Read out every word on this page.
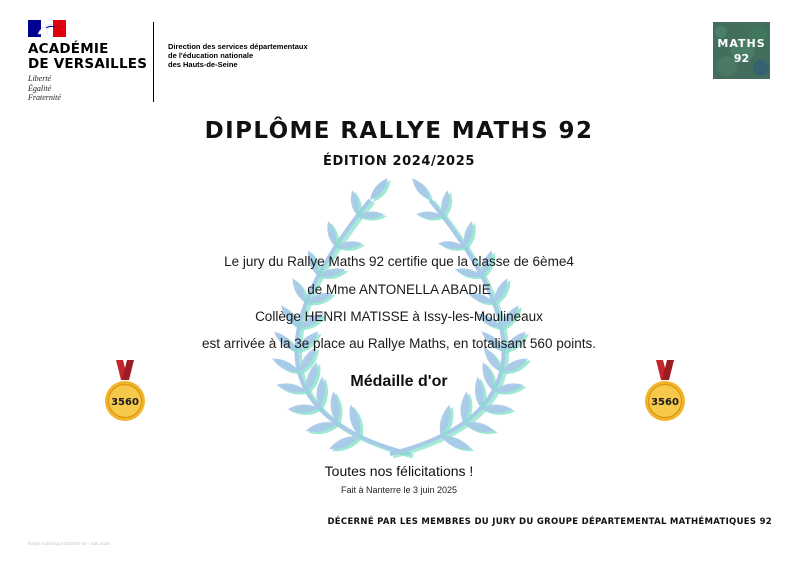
ACADÉMIE
DE VERSAILLES
Liberté
Égalité
Fraternité
Direction des services départementaux
de l'éducation nationale
des Hauts-de-Seine
MATHS
92
DIPLÔME RALLYE MATHS 92
ÉDITION 2024/2025
Le jury du Rallye Maths 92 certifie que la classe de 6ème4
de Mme ANTONELLA ABADIE
Collège HENRI MATISSE à Issy-les-Moulineaux
est arrivée à la 3e place au Rallye Maths, en totalisant 560 points.
Médaille d'or
3560	3560
Toutes nos félicitations !
Fait à Nanterre le 3 juin 2025
DÉCERNÉ PAR LES MEMBRES DU JURY DU GROUPE DÉPARTEMENTAL MATHÉMATIQUES 92
Rallye numérique DSDEN 92 - Juin 2025
